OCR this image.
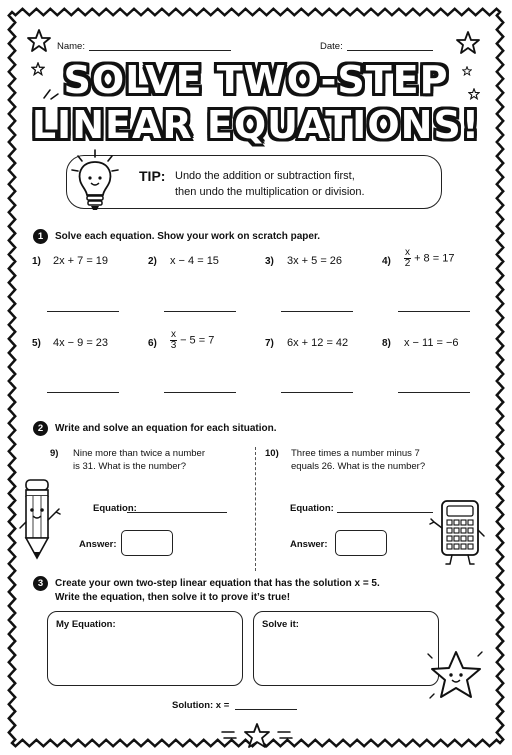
Name:	Date:
SOLVE TWO-STEP
LINEAR EQUATIONS!
TIP: Undo the addition or subtraction first,
then undo the multiplication or division.
1	Solve each equation. Show your work on scratch paper.
1) 2x + 7 = 19	2) x − 4 = 15	3) 3x + 5 = 26	$4) \frac{x}{2} + 8 = 17$
5) 4x − 9 = 23	$6) \frac{x}{3} - 5 = 7$	7) 6x + 12 = 42	8) x − 11 = −6
2	Write and solve an equation for each situation.
9) Nine more than twice a number
is 31. What is the number?
10) Three times a number minus 7
equals 26. What is the number?
Equation:
Answer:
Equation:
Answer:
3	Create your own two-step linear equation that has the solution x = 5.
Write the equation, then solve it to prove it’s true!
My Equation:	Solve it:
Solution: x =
